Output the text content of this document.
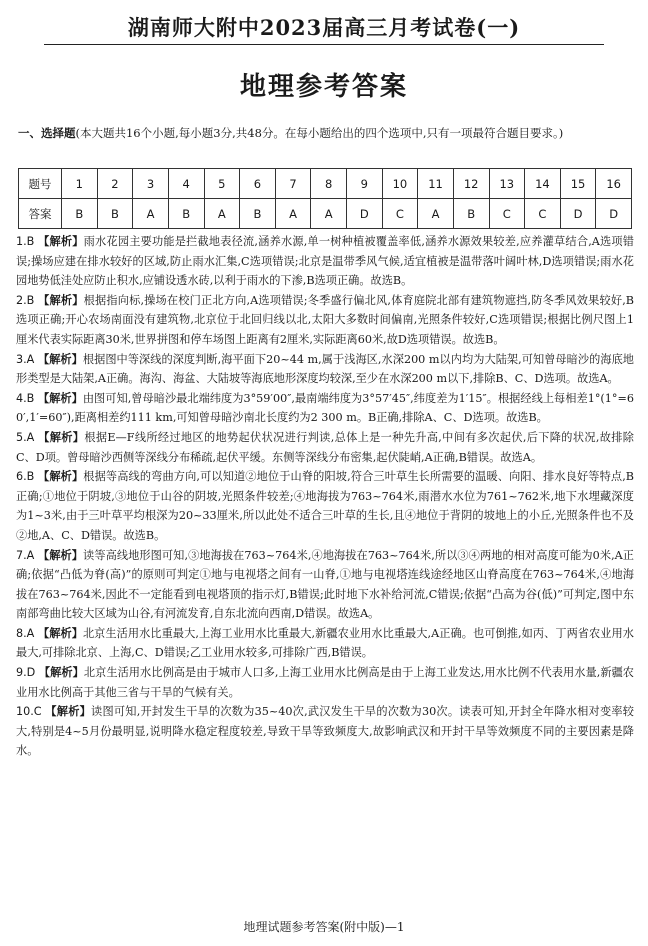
湖南师大附中2023届高三月考试卷(一)
地理参考答案
一、选择题(本大题共16个小题,每小题3分,共48分。在每小题给出的四个选项中,只有一项最符合题目要求。)
题号	1	2	3	4	5	6	7	8	9	10	11	12	13	14	15	16
答案	B	B	A	B	A	B	A	A	D	C	A	B	C	C	D	D

1.B 【解析】雨水花园主要功能是拦截地表径流,涵养水源,单一树种植被覆盖率低,涵养水源效果较差,应养灌草结合,A选项错误;操场应建在排水较好的区域,防止雨水汇集,C选项错误;北京是温带季风气候,适宜植被是温带落叶阔叶林,D选项错误;雨水花园地势低洼处应防止积水,应铺设透水砖,以利于雨水的下渗,B选项正确。故选B。

2.B 【解析】根据指向标,操场在校门正北方向,A选项错误;冬季盛行偏北风,体育庭院北部有建筑物遮挡,防冬季风效果较好,B选项正确;开心农场南面没有建筑物,北京位于北回归线以北,太阳大多数时间偏南,光照条件较好,C选项错误;根据比例尺图上1厘米代表实际距离30米,世界拼图和停车场图上距离有2厘米,实际距离60米,故D选项错误。故选B。

3.A 【解析】根据图中等深线的深度判断,海平面下20~44 m,属于浅海区,水深200 m以内均为大陆架,可知曾母暗沙的海底地形类型是大陆架,A正确。海沟、海盆、大陆坡等海底地形深度均较深,至少在水深200 m以下,排除B、C、D选项。故选A。

4.B 【解析】由图可知,曾母暗沙最北端纬度为3°59′00″,最南端纬度为3°57′45″,纬度差为1′15″。根据经线上每相差1°(1°=60′,1′=60″),距离相差约111 km,可知曾母暗沙南北长度约为2 300 m。B正确,排除A、C、D选项。故选B。

5.A 【解析】根据E—F线所经过地区的地势起伏状况进行判读,总体上是一种先升高,中间有多次起伏,后下降的状况,故排除C、D项。曾母暗沙西侧等深线分布稀疏,起伏平缓。东侧等深线分布密集,起伏陡峭,A正确,B错误。故选A。

6.B 【解析】根据等高线的弯曲方向,可以知道②地位于山脊的阳坡,符合三叶草生长所需要的温暖、向阳、排水良好等特点,B正确;①地位于阴坡,③地位于山谷的阴坡,光照条件较差;④地海拔为763~764米,雨潜水水位为761~762米,地下水埋藏深度为1~3米,由于三叶草平均根深为20~33厘米,所以此处不适合三叶草的生长,且④地位于背阴的坡地上的小丘,光照条件也不及②地,A、C、D错误。故选B。

7.A 【解析】读等高线地形图可知,③地海拔在763~764米,④地海拔在763~764米,所以③④两地的相对高度可能为0米,A正确;依据“凸低为脊(高)”的原则可判定①地与电视塔之间有一山脊,①地与电视塔连线途经地区山脊高度在763~764米,④地海拔在763~764米,因此不一定能看到电视塔顶的指示灯,B错误;此时地下水补给河流,C错误;依据“凸高为谷(低)”可判定,图中东南部弯曲比较大区域为山谷,有河流发育,自东北流向西南,D错误。故选A。

8.A 【解析】北京生活用水比重最大,上海工业用水比重最大,新疆农业用水比重最大,A正确。也可倒推,如丙、丁两省农业用水最大,可排除北京、上海,C、D错误;乙工业用水较多,可排除广西,B错误。

9.D 【解析】北京生活用水比例高是由于城市人口多,上海工业用水比例高是由于上海工业发达,用水比例不代表用水量,新疆农业用水比例高于其他三省与干旱的气候有关。

10.C 【解析】读图可知,开封发生干旱的次数为35~40次,武汉发生干旱的次数为30次。读表可知,开封全年降水相对变率较大,特别是4~5月份最明显,说明降水稳定程度较差,导致干旱等致频度大,故影响武汉和开封干旱等效频度不同的主要因素是降水。

地理试题参考答案(附中版)—1
